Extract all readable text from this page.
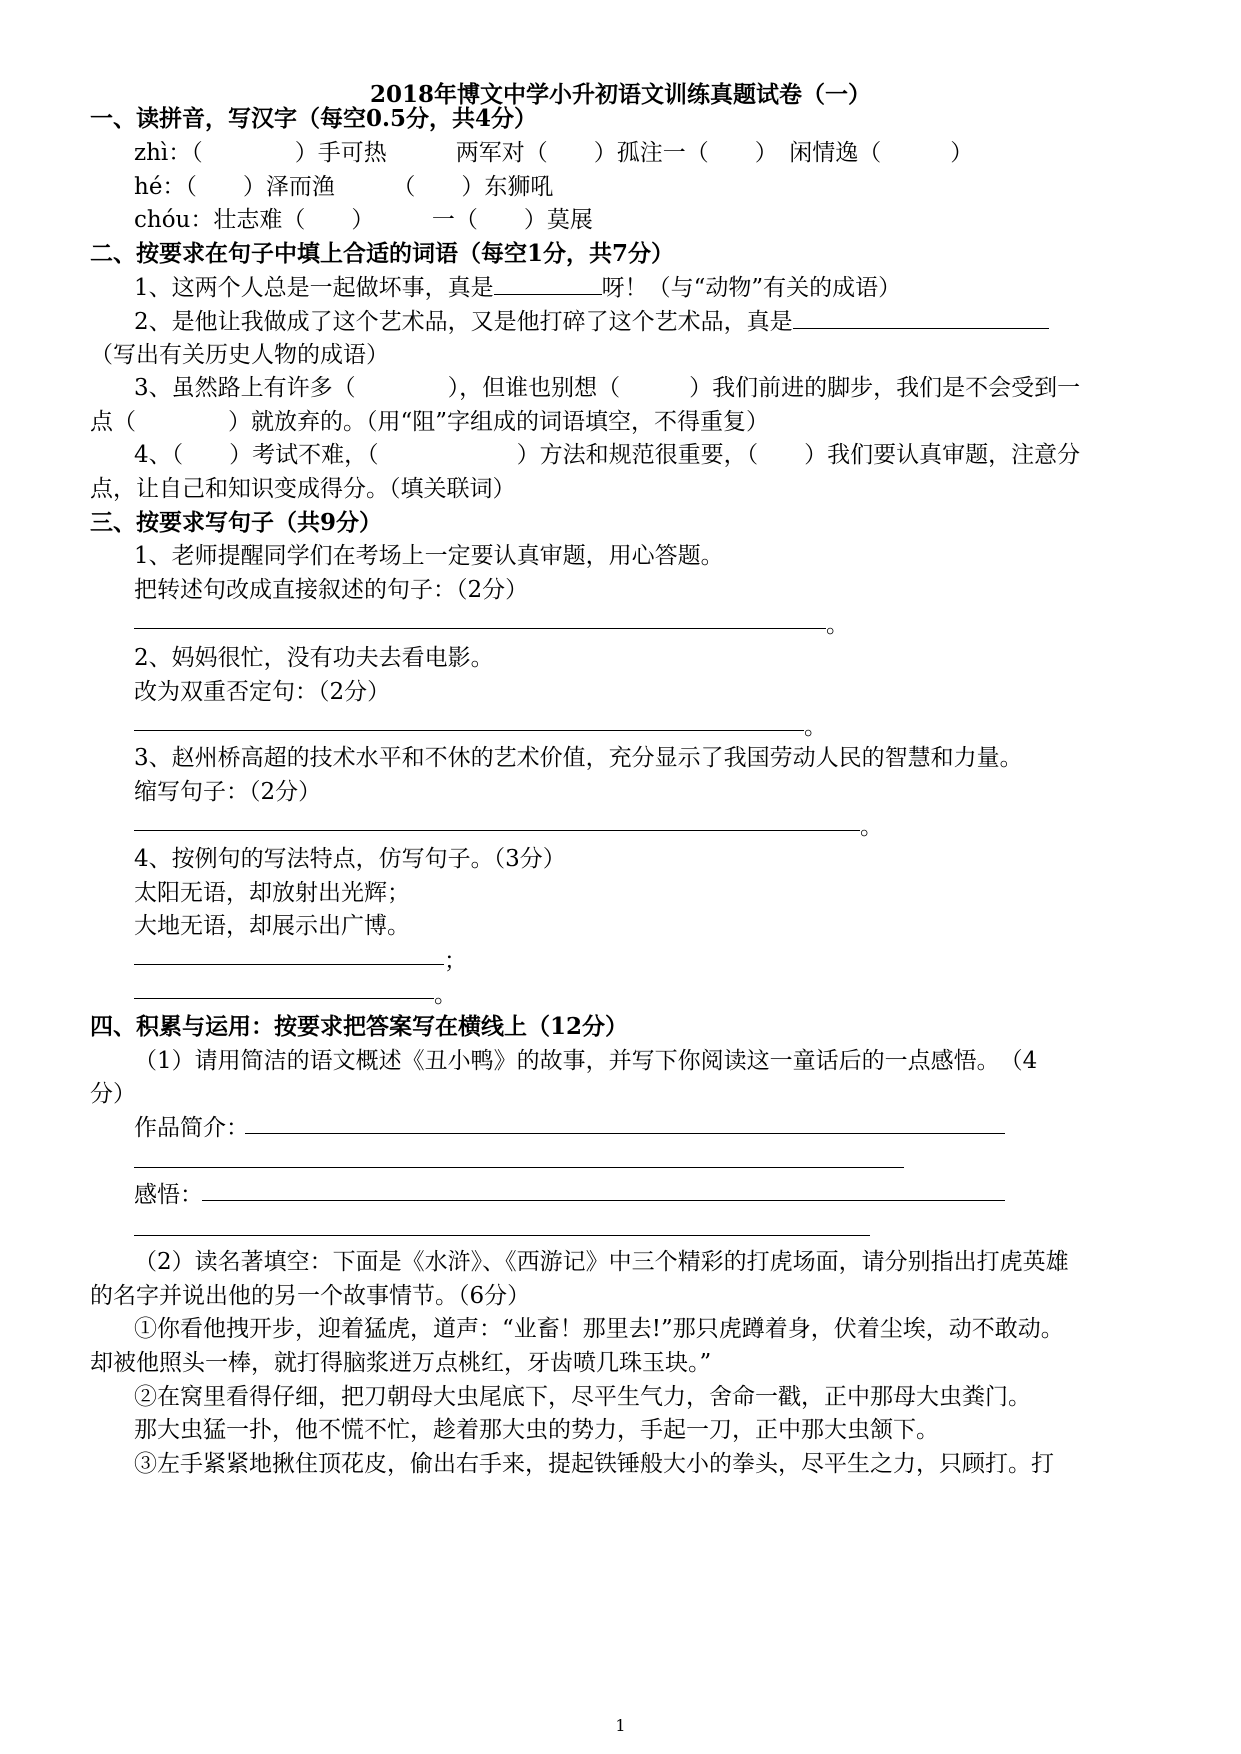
2018年博文中学小升初语文训练真题试卷（一）
一、读拼音，写汉字（每空0.5分，共4分）
zhì：（　　　　）手可热　　　两军对（　　）孤注一（　　）　闲情逸（　　　）
hé：（　　）泽而渔　　　（　　）东狮吼
chóu：壮志难（　　）　　　一（　　）莫展
二、按要求在句子中填上合适的词语（每空1分，共7分）
1、这两个人总是一起做坏事，真是	呀！（与“动物”有关的成语）
2、是他让我做成了这个艺术品，又是他打碎了这个艺术品，真是
（写出有关历史人物的成语）
3、虽然路上有许多（　　　　），但谁也别想（　　　）我们前进的脚步，我们是不会受到一
点（　　　　）就放弃的。（用“阻”字组成的词语填空，不得重复）
4、（　　）考试不难，（　　　　　　）方法和规范很重要，（　　）我们要认真审题，注意分
点，让自己和知识变成得分。（填关联词）
三、按要求写句子（共9分）
1、老师提醒同学们在考场上一定要认真审题，用心答题。
把转述句改成直接叙述的句子：（2分）
。
2、妈妈很忙，没有功夫去看电影。
改为双重否定句：（2分）
。
3、赵州桥高超的技术水平和不休的艺术价值，充分显示了我国劳动人民的智慧和力量。
缩写句子：（2分）
。
4、按例句的写法特点，仿写句子。（3分）
太阳无语，却放射出光辉；
大地无语，却展示出广博。
；
。
四、积累与运用：按要求把答案写在横线上（12分）
（1）请用简洁的语文概述《丑小鸭》的故事，并写下你阅读这一童话后的一点感悟。　（4
分）
作品简介：
感悟：
（2）读名著填空：下面是《水浒》、《西游记》中三个精彩的打虎场面，请分别指出打虎英雄
的名字并说出他的另一个故事情节。（6分）
①你看他拽开步，迎着猛虎，道声：“业畜！那里去!”那只虎蹲着身，伏着尘埃，动不敢动。
却被他照头一棒，就打得脑浆迸万点桃红，牙齿喷几珠玉块。”
②在窝里看得仔细，把刀朝母大虫尾底下，尽平生气力，舍命一戳，正中那母大虫粪门。
那大虫猛一扑，他不慌不忙，趁着那大虫的势力，手起一刀，正中那大虫颔下。
③左手紧紧地揪住顶花皮，偷出右手来，提起铁锤般大小的拳头，尽平生之力，只顾打。打
1
